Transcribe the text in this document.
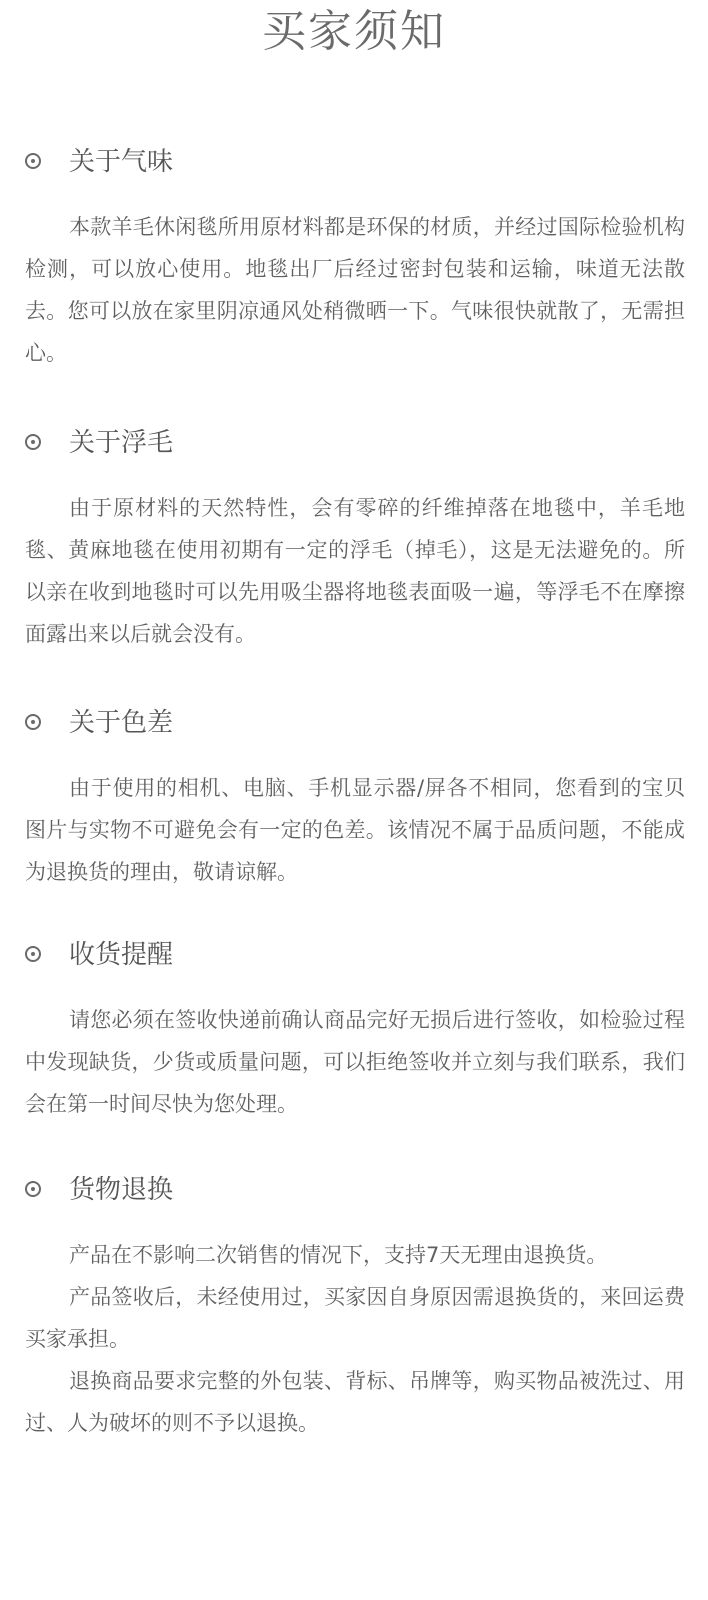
买家须知
关于气味

本款羊毛休闲毯所用原材料都是环保的材质，并经过国际检验机构检测，可以放心使用。地毯出厂后经过密封包装和运输，味道无法散去。您可以放在家里阴凉通风处稍微晒一下。气味很快就散了，无需担心。

关于浮毛

由于原材料的天然特性，会有零碎的纤维掉落在地毯中，羊毛地毯、黄麻地毯在使用初期有一定的浮毛（掉毛），这是无法避免的。所以亲在收到地毯时可以先用吸尘器将地毯表面吸一遍，等浮毛不在摩擦面露出来以后就会没有。

关于色差

由于使用的相机、电脑、手机显示器/屏各不相同，您看到的宝贝图片与实物不可避免会有一定的色差。该情况不属于品质问题，不能成为退换货的理由，敬请谅解。

收货提醒

请您必须在签收快递前确认商品完好无损后进行签收，如检验过程中发现缺货，少货或质量问题，可以拒绝签收并立刻与我们联系，我们会在第一时间尽快为您处理。

货物退换

产品在不影响二次销售的情况下，支持7天无理由退换货。

产品签收后，未经使用过，买家因自身原因需退换货的，来回运费买家承担。

退换商品要求完整的外包装、背标、吊牌等，购买物品被洗过、用过、人为破坏的则不予以退换。
